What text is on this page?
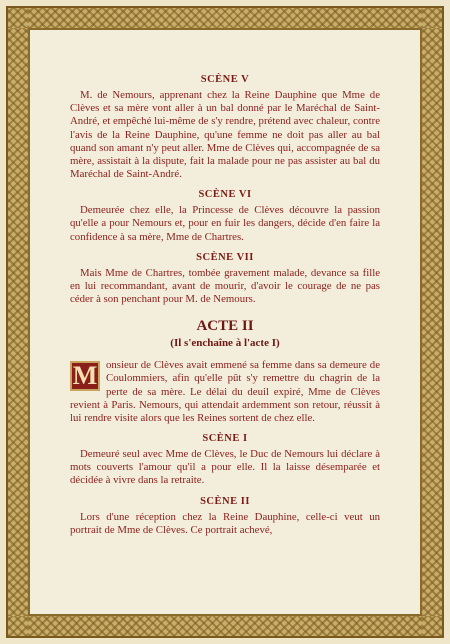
SCÈNE V

M. de Nemours, apprenant chez la Reine Dauphine que Mme de Clèves et sa mère vont aller à un bal donné par le Maréchal de Saint-André, et empêché lui-même de s'y rendre, prétend avec chaleur, contre l'avis de la Reine Dauphine, qu'une femme ne doit pas aller au bal quand son amant n'y peut aller. Mme de Clèves qui, accompagnée de sa mère, assistait à la dispute, fait la malade pour ne pas assister au bal du Maréchal de Saint-André.

SCÈNE VI

Demeurée chez elle, la Princesse de Clèves découvre la passion qu'elle a pour Nemours et, pour en fuir les dangers, décide d'en faire la confidence à sa mère, Mme de Chartres.

SCÈNE VII

Mais Mme de Chartres, tombée gravement malade, devance sa fille en lui recommandant, avant de mourir, d'avoir le courage de ne pas céder à son penchant pour M. de Nemours.

ACTE II
(Il s'enchaîne à l'acte I)

M onsieur de Clèves avait emmené sa femme dans sa demeure de Coulommiers, afin qu'elle pût s'y remettre du chagrin de la perte de sa mère. Le délai du deuil expiré, Mme de Clèves revient à Paris. Nemours, qui attendait ardemment son retour, réussit à lui rendre visite alors que les Reines sortent de chez elle.

SCÈNE I

Demeuré seul avec Mme de Clèves, le Duc de Nemours lui déclare à mots couverts l'amour qu'il a pour elle. Il la laisse désemparée et décidée à vivre dans la retraite.

SCÈNE II

Lors d'une réception chez la Reine Dauphine, celle-ci veut un portrait de Mme de Clèves. Ce portrait achevé,
